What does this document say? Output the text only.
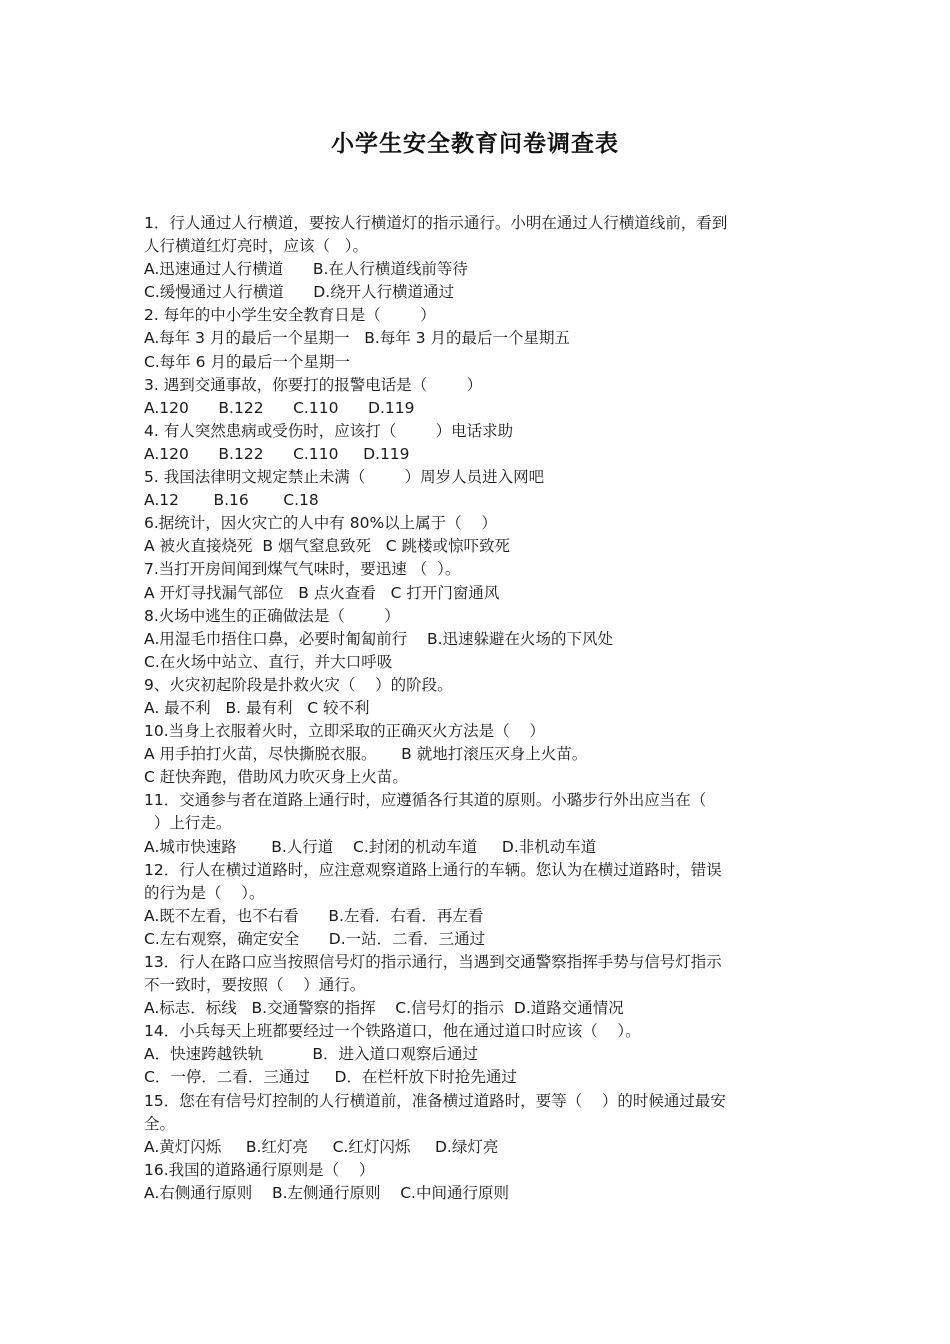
小学生安全教育问卷调查表
1．行人通过人行横道，要按人行横道灯的指示通行。小明在通过人行横道线前，看到
人行横道红灯亮时，应该（   ）。
A.迅速通过人行横道      B.在人行横道线前等待
C.缓慢通过人行横道      D.绕开人行横道通过
2. 每年的中小学生安全教育日是（        ）
A.每年 3 月的最后一个星期一   B.每年 3 月的最后一个星期五
C.每年 6 月的最后一个星期一
3. 遇到交通事故，你要打的报警电话是（        ）
A.120      B.122      C.110      D.119
4. 有人突然患病或受伤时，应该打（        ）电话求助
A.120      B.122      C.110     D.119
5. 我国法律明文规定禁止未满（        ）周岁人员进入网吧
A.12       B.16       C.18
6.据统计，因火灾亡的人中有 80%以上属于（    ）
A 被火直接烧死  B 烟气窒息致死   C 跳楼或惊吓致死
7.当打开房间闻到煤气气味时，要迅速 （  ）。
A 开灯寻找漏气部位   B 点火查看   C 打开门窗通风
8.火场中逃生的正确做法是（        ）
A.用湿毛巾捂住口鼻，必要时匍匐前行    B.迅速躲避在火场的下风处
C.在火场中站立、直行，并大口呼吸
9、火灾初起阶段是扑救火灾（    ）的阶段。
A. 最不利   B. 最有利   C 较不利
10.当身上衣服着火时，立即采取的正确灭火方法是（    ）
A 用手拍打火苗，尽快撕脱衣服。     B 就地打滚压灭身上火苗。
C 赶快奔跑，借助风力吹灭身上火苗。
11．交通参与者在道路上通行时，应遵循各行其道的原则。小璐步行外出应当在（
）上行走。
A.城市快速路       B.人行道    C.封闭的机动车道     D.非机动车道
12．行人在横过道路时，应注意观察道路上通行的车辆。您认为在横过道路时，错误
的行为是（    ）。
A.既不左看，也不右看      B.左看．右看．再左看
C.左右观察，确定安全      D.一站．二看．三通过
13．行人在路口应当按照信号灯的指示通行，当遇到交通警察指挥手势与信号灯指示
不一致时，要按照（    ）通行。
A.标志．标线   B.交通警察的指挥    C.信号灯的指示  D.道路交通情况
14．小兵每天上班都要经过一个铁路道口，他在通过道口时应该（    ）。
A．快速跨越铁轨          B．进入道口观察后通过
C．一停．二看．三通过     D．在栏杆放下时抢先通过
15．您在有信号灯控制的人行横道前，准备横过道路时，要等（    ）的时候通过最安
全。
A.黄灯闪烁     B.红灯亮     C.红灯闪烁     D.绿灯亮
16.我国的道路通行原则是（    ）
A.右侧通行原则    B.左侧通行原则    C.中间通行原则
